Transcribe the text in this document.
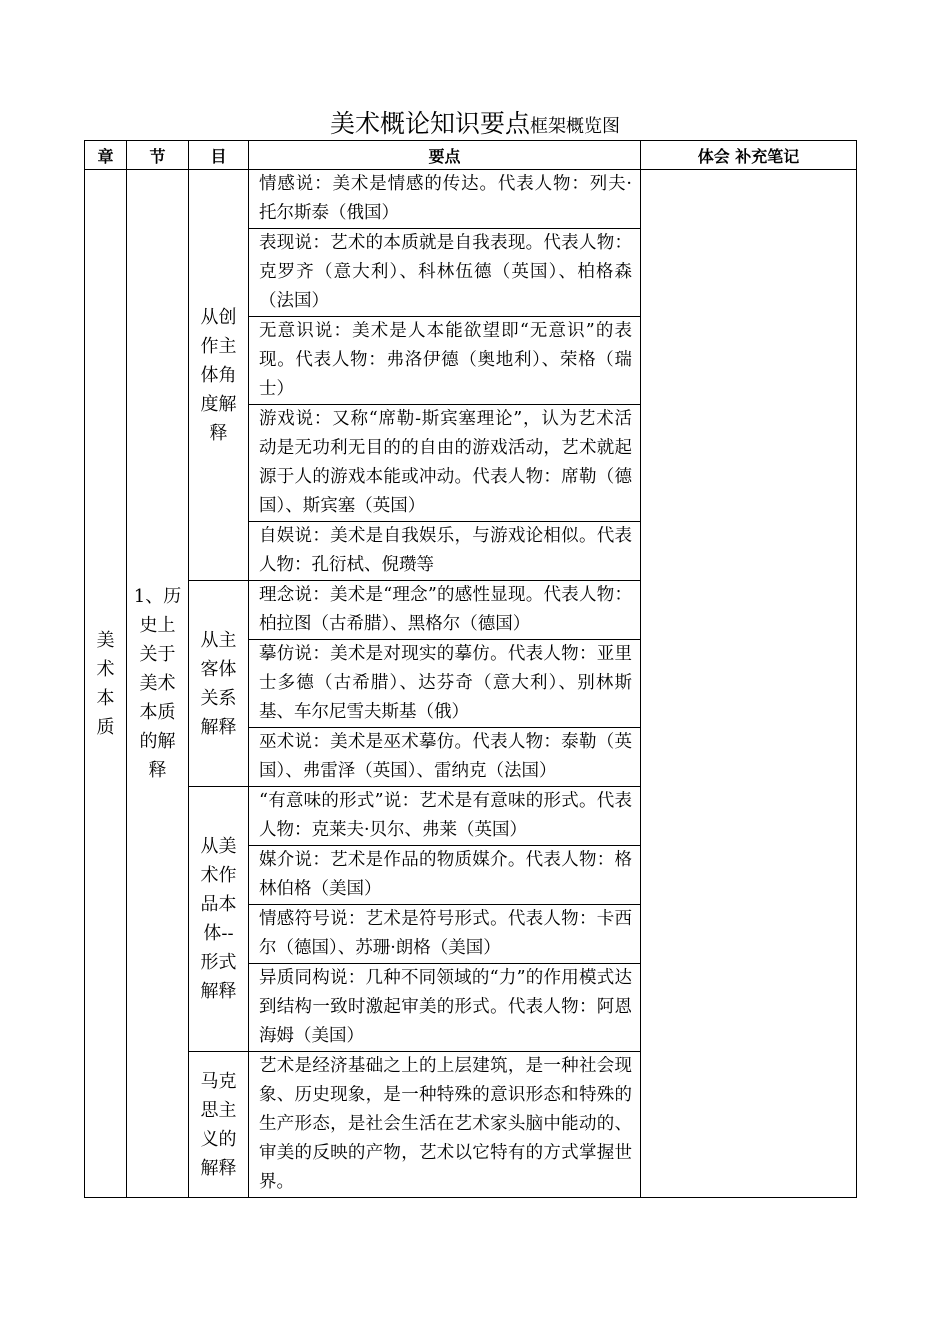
美术概论知识要点框架概览图
章	节	目	要点	体会 补充笔记
美术本质	1、历史上关于美术本质的解释	从创作主体角度解释	情感说：美术是情感的传达。代表人物：列夫·托尔斯泰（俄国）	
			表现说：艺术的本质就是自我表现。代表人物：克罗齐（意大利）、科林伍德（英国）、柏格森（法国）	
			无意识说：美术是人本能欲望即“无意识”的表现。代表人物：弗洛伊德（奥地利）、荣格（瑞士）	
			游戏说：又称“席勒-斯宾塞理论”，认为艺术活动是无功利无目的的自由的游戏活动，艺术就起源于人的游戏本能或冲动。代表人物：席勒（德国）、斯宾塞（英国）	
			自娱说：美术是自我娱乐，与游戏论相似。代表人物：孔衍栻、倪瓒等	
		从主客体关系解释	理念说：美术是“理念”的感性显现。代表人物：柏拉图（古希腊）、黑格尔（德国）	
			摹仿说：美术是对现实的摹仿。代表人物：亚里士多德（古希腊）、达芬奇（意大利）、别林斯基、车尔尼雪夫斯基（俄）	
			巫术说：美术是巫术摹仿。代表人物：泰勒（英国）、弗雷泽（英国）、雷纳克（法国）	
		从美术作品本体--形式解释	“有意味的形式”说：艺术是有意味的形式。代表人物：克莱夫·贝尔、弗莱（英国）	
			媒介说：艺术是作品的物质媒介。代表人物：格林伯格（美国）	
			情感符号说：艺术是符号形式。代表人物：卡西尔（德国）、苏珊·朗格（美国）	
			异质同构说：几种不同领域的“力”的作用模式达到结构一致时激起审美的形式。代表人物：阿恩海姆（美国）	
		马克思主义的解释	艺术是经济基础之上的上层建筑，是一种社会现象、历史现象，是一种特殊的意识形态和特殊的生产形态，是社会生活在艺术家头脑中能动的、审美的反映的产物，艺术以它特有的方式掌握世界。	
